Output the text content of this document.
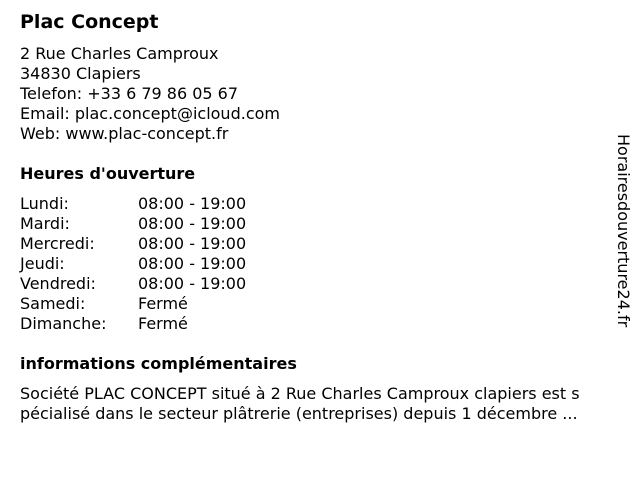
Plac Concept
2 Rue Charles Camproux
34830 Clapiers
Telefon: +33 6 79 86 05 67
Email: plac.concept@icloud.com
Web: www.plac-concept.fr
Heures d'ouverture
Lundi:	08:00 - 19:00
Mardi:	08:00 - 19:00
Mercredi:	08:00 - 19:00
Jeudi:	08:00 - 19:00
Vendredi:	08:00 - 19:00
Samedi:	Fermé
Dimanche: Fermé
informations complémentaires
Société PLAC CONCEPT situé à 2 Rue Charles Camproux clapiers est s
pécialisé dans le secteur plâtrerie (entreprises) depuis 1 décembre ...
Horairesdouverture24.fr
